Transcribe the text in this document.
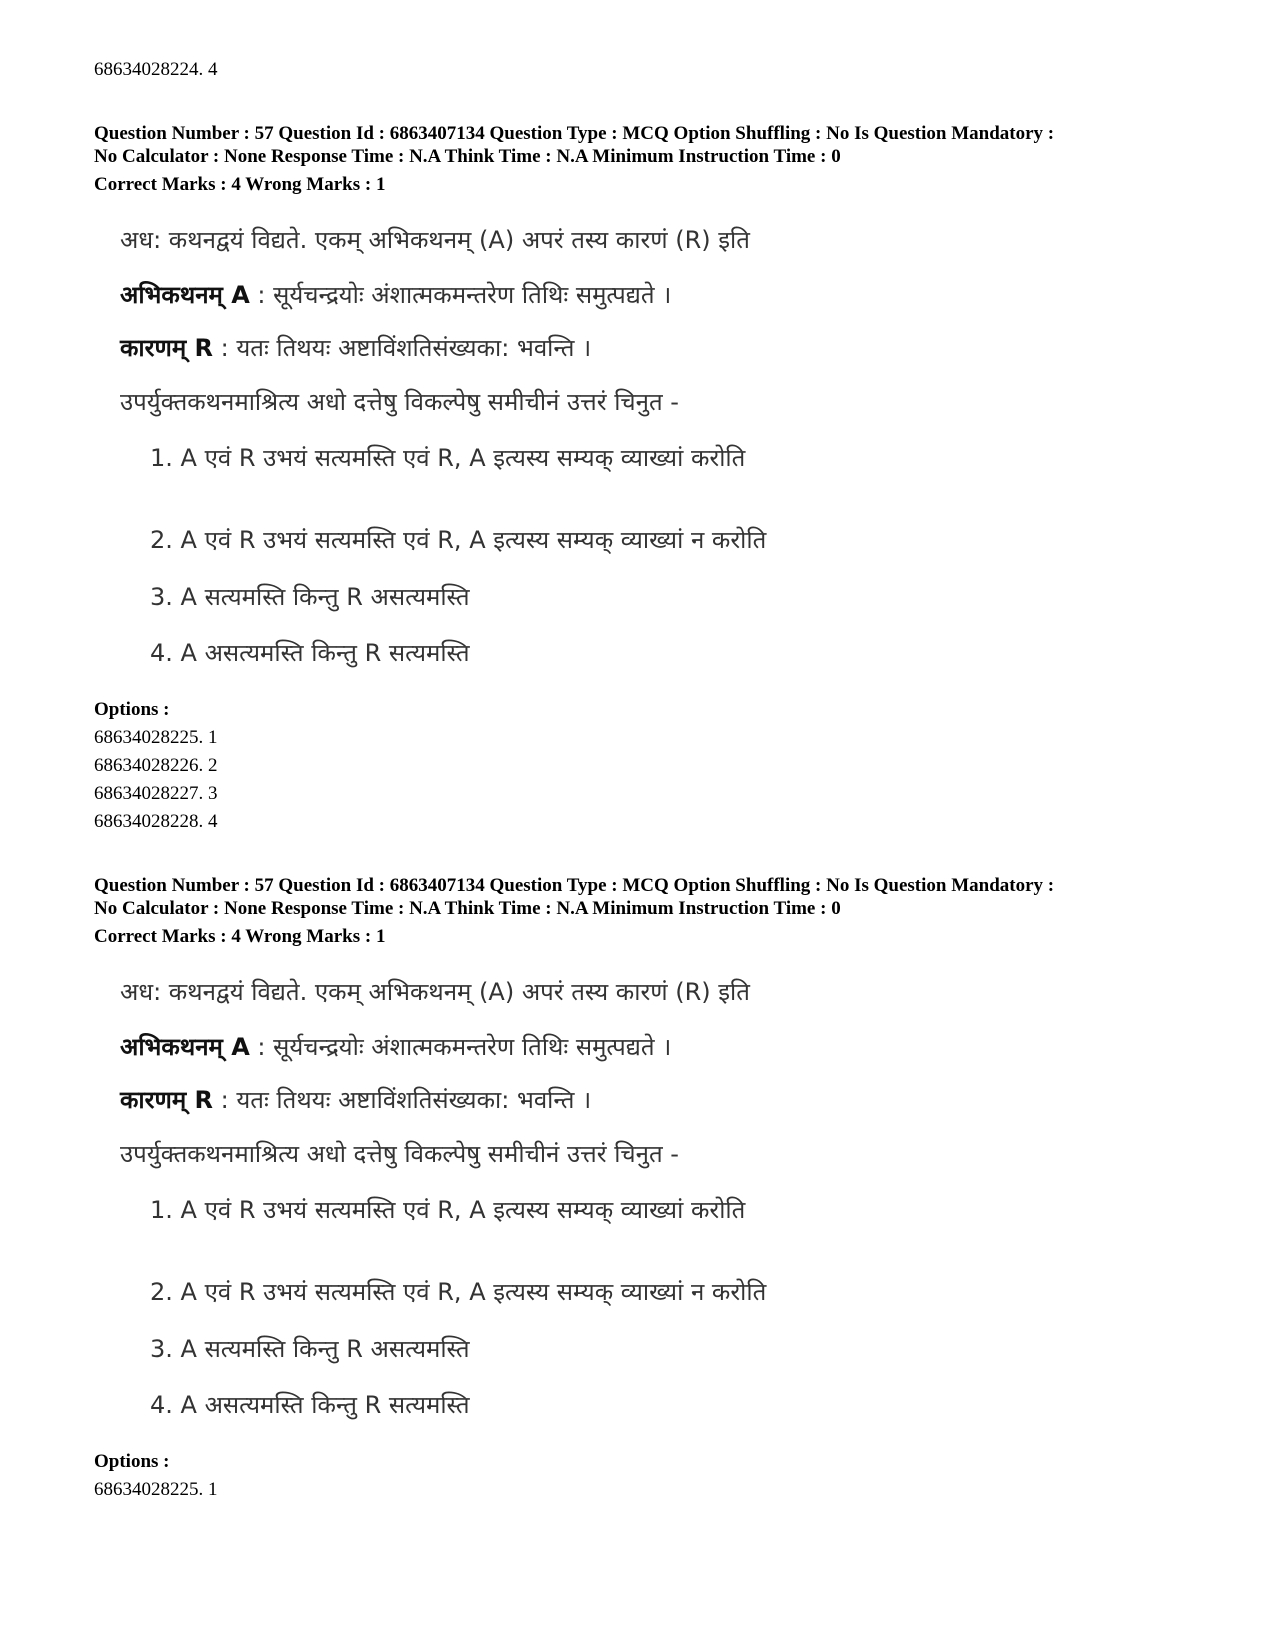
68634028224. 4
Question Number : 57 Question Id : 6863407134 Question Type : MCQ Option Shuffling : No Is Question Mandatory :
No Calculator : None Response Time : N.A Think Time : N.A Minimum Instruction Time : 0
Correct Marks : 4 Wrong Marks : 1
अध: कथनद्वयं विद्यते. एकम् अभिकथनम् (A) अपरं तस्य कारणं (R) इति
अभिकथनम् A : सूर्यचन्द्रयोः अंशात्मकमन्तरेण तिथिः समुत्पद्यते ।
कारणम् R : यतः तिथयः अष्टाविंशतिसंख्यका: भवन्ति ।
उपर्युक्तकथनमाश्रित्य अधो दत्तेषु विकल्पेषु समीचीनं उत्तरं चिनुत -
1. A एवं R उभयं सत्यमस्ति एवं R, A इत्यस्य सम्यक् व्याख्यां करोति
2. A एवं R उभयं सत्यमस्ति एवं R, A इत्यस्य सम्यक् व्याख्यां न करोति
3. A सत्यमस्ति किन्तु R असत्यमस्ति
4. A असत्यमस्ति किन्तु R सत्यमस्ति
Options :
68634028225. 1
68634028226. 2
68634028227. 3
68634028228. 4
Question Number : 57 Question Id : 6863407134 Question Type : MCQ Option Shuffling : No Is Question Mandatory :
No Calculator : None Response Time : N.A Think Time : N.A Minimum Instruction Time : 0
Correct Marks : 4 Wrong Marks : 1
अध: कथनद्वयं विद्यते. एकम् अभिकथनम् (A) अपरं तस्य कारणं (R) इति
अभिकथनम् A : सूर्यचन्द्रयोः अंशात्मकमन्तरेण तिथिः समुत्पद्यते ।
कारणम् R : यतः तिथयः अष्टाविंशतिसंख्यका: भवन्ति ।
उपर्युक्तकथनमाश्रित्य अधो दत्तेषु विकल्पेषु समीचीनं उत्तरं चिनुत -
1. A एवं R उभयं सत्यमस्ति एवं R, A इत्यस्य सम्यक् व्याख्यां करोति
2. A एवं R उभयं सत्यमस्ति एवं R, A इत्यस्य सम्यक् व्याख्यां न करोति
3. A सत्यमस्ति किन्तु R असत्यमस्ति
4. A असत्यमस्ति किन्तु R सत्यमस्ति
Options :
68634028225. 1
